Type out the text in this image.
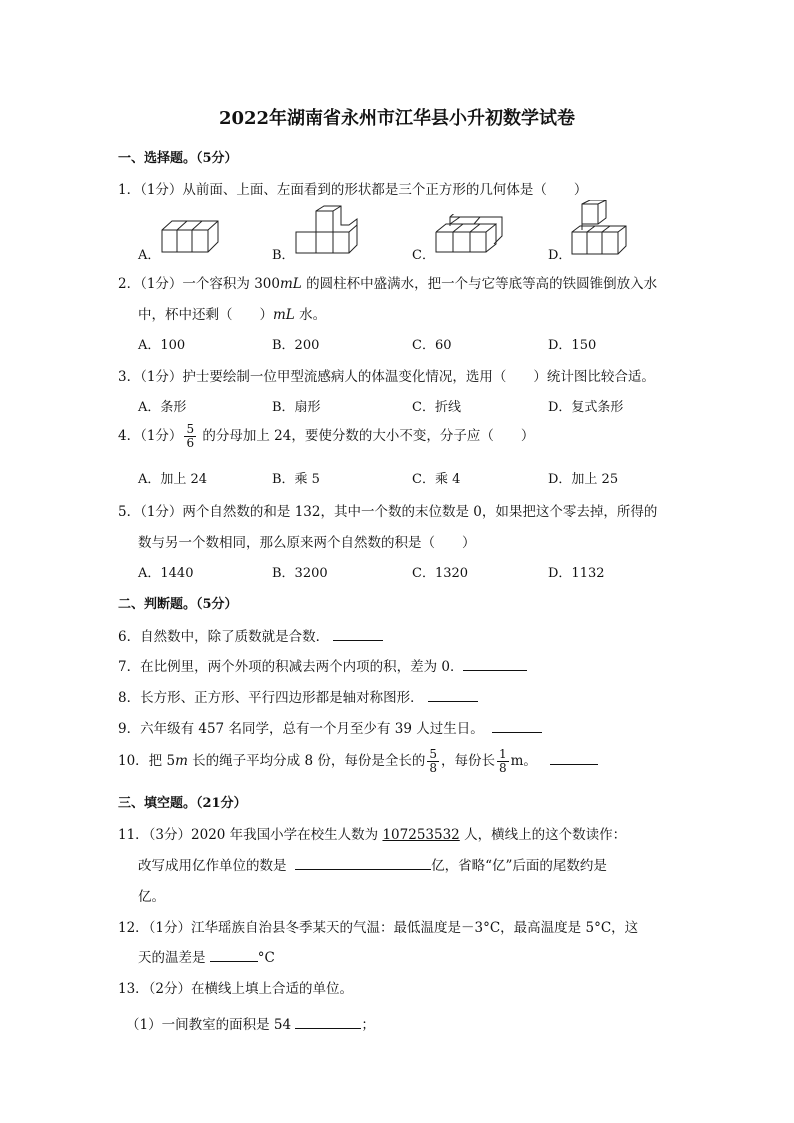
2022年湖南省永州市江华县小升初数学试卷
一、选择题。（5分）
1．（1分）从前面、上面、左面看到的形状都是三个正方形的几何体是（　　）
A．	B．	C．	D．
2．（1分）一个容积为 300mL 的圆柱杯中盛满水，把一个与它等底等高的铁圆锥倒放入水
中，杯中还剩（　　）mL 水。
A．100	B．200	C．60	D．150
3．（1分）护士要绘制一位甲型流感病人的体温变化情况，选用（　　）统计图比较合适。
A．条形	B．扇形	C．折线	D．复式条形
4．（1分） $\frac{5}{6}$ 的分母加上 24，要使分数的大小不变，分子应（　　）
A．加上 24	B．乘 5	C．乘 4	D．加上 25
5．（1分）两个自然数的和是 132，其中一个数的末位数是 0，如果把这个零去掉，所得的
数与另一个数相同，那么原来两个自然数的积是（　　）
A．1440	B．3200	C．1320	D．1132
二、判断题。（5分）
6．自然数中，除了质数就是合数．
7．在比例里，两个外项的积减去两个内项的积，差为 0．
8．长方形、正方形、平行四边形都是轴对称图形．
9．六年级有 457 名同学，总有一个月至少有 39 人过生日。
10．把 5m 长的绳子平均分成 8 份，每份是全长的 $\frac{5}{8}$ ，每份长 $\frac{1}{8}$ m。
三、填空题。（21分）
11．（3分）2020 年我国小学在校生人数为 107253532 人，横线上的这个数读作：
改写成用亿作单位的数是	亿，省略“亿”后面的尾数约是
亿。
12．（1分）江华瑶族自治县冬季某天的气温：最低温度是－3°C，最高温度是 5°C，这
天的温差是	°C
13．（2分）在横线上填上合适的单位。
（1）一间教室的面积是 54	；
